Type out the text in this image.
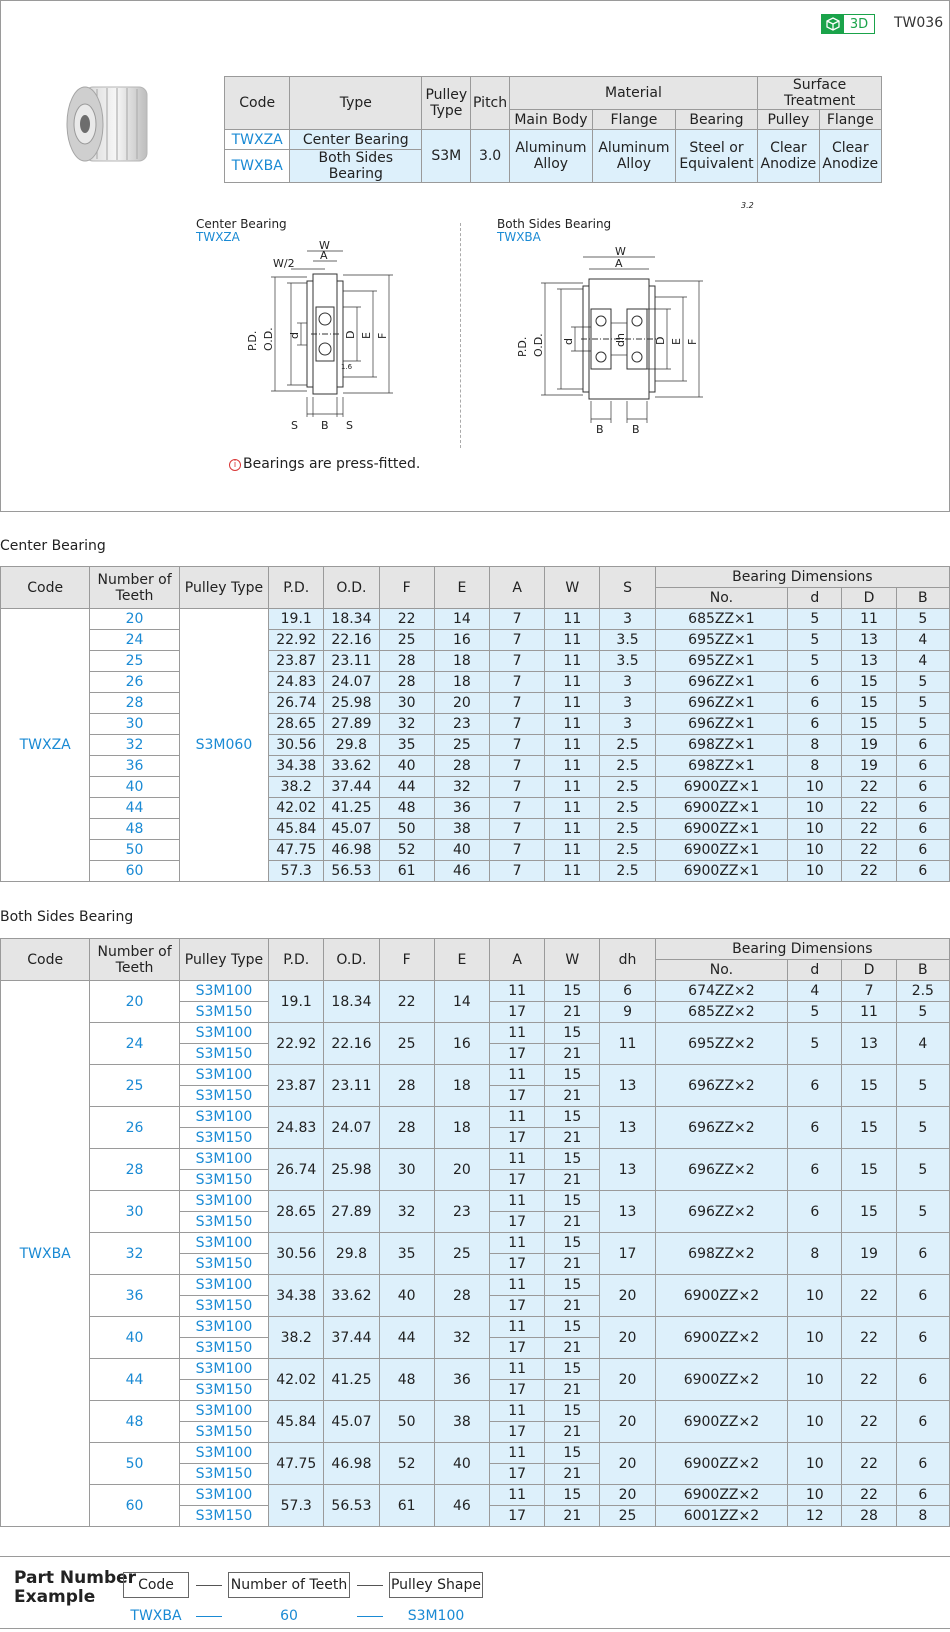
3D	TW036
Code	Type	Pulley Type	Pitch	Material			Surface Treatment	
				Main Body	Flange	Bearing	Pulley	Flange
TWXZA	Center Bearing	S3M	3.0	Aluminum Alloy	Aluminum Alloy	Steel or Equivalent	Clear Anodize	Clear Anodize
TWXBA	Both Sides Bearing							
Center Bearing
TWXZA
Both Sides Bearing
TWXBA
3.2
W
A
W/2
P.D. O.D. d	D E F
S B S
1.6
W
A
P.D. O.D. d	dh D E F
B	B
i Bearings are press-fitted.
Center Bearing
Code	Number of Teeth	Pulley Type	P.D.	O.D.	F	E	A	W	S	Bearing Dimensions			
										No.	d	D	B
TWXZA	20	S3M060	19.1	18.34	22	14	7	11	3	685ZZ×1	5	11	5
	24		22.92	22.16	25	16	7	11	3.5	695ZZ×1	5	13	4
	25		23.87	23.11	28	18	7	11	3.5	695ZZ×1	5	13	4
	26		24.83	24.07	28	18	7	11	3	696ZZ×1	6	15	5
	28		26.74	25.98	30	20	7	11	3	696ZZ×1	6	15	5
	30		28.65	27.89	32	23	7	11	3	696ZZ×1	6	15	5
	32		30.56	29.8	35	25	7	11	2.5	698ZZ×1	8	19	6
	36		34.38	33.62	40	28	7	11	2.5	698ZZ×1	8	19	6
	40		38.2	37.44	44	32	7	11	2.5	6900ZZ×1	10	22	6
	44		42.02	41.25	48	36	7	11	2.5	6900ZZ×1	10	22	6
	48		45.84	45.07	50	38	7	11	2.5	6900ZZ×1	10	22	6
	50		47.75	46.98	52	40	7	11	2.5	6900ZZ×1	10	22	6
	60		57.3	56.53	61	46	7	11	2.5	6900ZZ×1	10	22	6
Both Sides Bearing
Code	Number of Teeth	Pulley Type	P.D.	O.D.	F	E	A	W	dh	Bearing Dimensions			
										No.	d	D	B
TWXBA	20	S3M100	19.1	18.34	22	14	11	15	6	674ZZ×2	4	7	2.5
		S3M150					17	21	9	685ZZ×2	5	11	5
	24	S3M100	22.92	22.16	25	16	11	15	11	695ZZ×2	5	13	4
		S3M150					17	21					
	25	S3M100	23.87	23.11	28	18	11	15	13	696ZZ×2	6	15	5
		S3M150					17	21					
	26	S3M100	24.83	24.07	28	18	11	15	13	696ZZ×2	6	15	5
		S3M150					17	21					
	28	S3M100	26.74	25.98	30	20	11	15	13	696ZZ×2	6	15	5
		S3M150					17	21					
	30	S3M100	28.65	27.89	32	23	11	15	13	696ZZ×2	6	15	5
		S3M150					17	21					
	32	S3M100	30.56	29.8	35	25	11	15	17	698ZZ×2	8	19	6
		S3M150					17	21					
	36	S3M100	34.38	33.62	40	28	11	15	20	6900ZZ×2	10	22	6
		S3M150					17	21					
	40	S3M100	38.2	37.44	44	32	11	15	20	6900ZZ×2	10	22	6
		S3M150					17	21					
	44	S3M100	42.02	41.25	48	36	11	15	20	6900ZZ×2	10	22	6
		S3M150					17	21					
	48	S3M100	45.84	45.07	50	38	11	15	20	6900ZZ×2	10	22	6
		S3M150					17	21					
	50	S3M100	47.75	46.98	52	40	11	15	20	6900ZZ×2	10	22	6
		S3M150					17	21					
	60	S3M100	57.3	56.53	61	46	11	15	20	6900ZZ×2	10	22	6
		S3M150					17	21	25	6001ZZ×2	12	28	8
Part Number
Example
Code	Number of Teeth	Pulley Shape
TWXBA	60	S3M100
